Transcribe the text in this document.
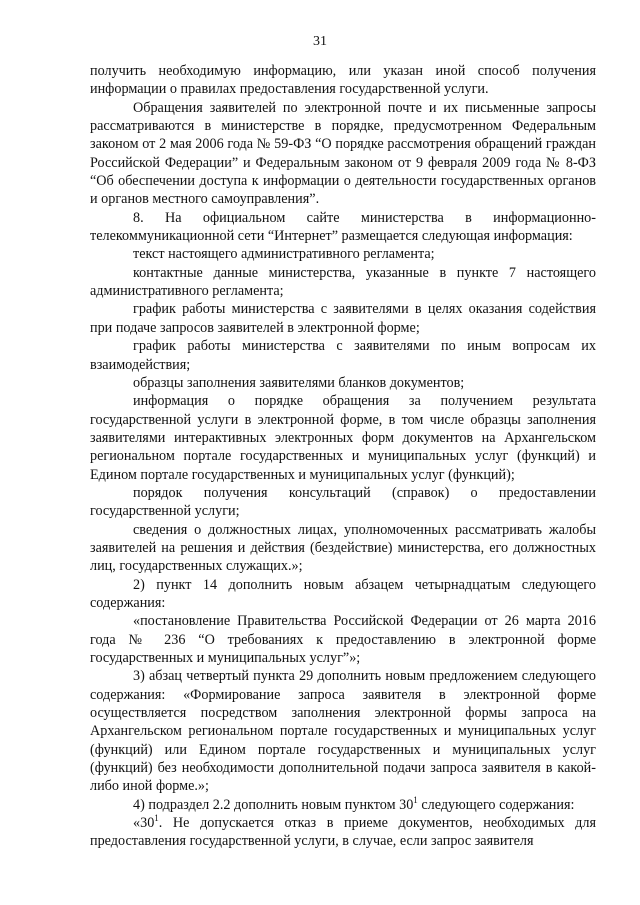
31

получить необходимую информацию, или указан иной способ получения информации о правилах предоставления государственной услуги.

Обращения заявителей по электронной почте и их письменные запросы рассматриваются в министерстве в порядке, предусмотренном Федеральным законом от 2 мая 2006 года № 59-ФЗ “О порядке рассмотрения обращений граждан Российской Федерации” и Федеральным законом от 9 февраля 2009 года № 8-ФЗ “Об обеспечении доступа к информации о деятельности государственных органов и органов местного самоуправления”.

8. На официальном сайте министерства в информационно-телекоммуникационной сети “Интернет” размещается следующая информация:

текст настоящего административного регламента;

контактные данные министерства, указанные в пункте 7 настоящего административного регламента;

график работы министерства с заявителями в целях оказания содействия при подаче запросов заявителей в электронной форме;

график работы министерства с заявителями по иным вопросам их взаимодействия;

образцы заполнения заявителями бланков документов;

информация о порядке обращения за получением результата государственной услуги в электронной форме, в том числе образцы заполнения заявителями интерактивных электронных форм документов на Архангельском региональном портале государственных и муниципальных услуг (функций) и Едином портале государственных и муниципальных услуг (функций);

порядок получения консультаций (справок) о предоставлении государственной услуги;

сведения о должностных лицах, уполномоченных рассматривать жалобы заявителей на решения и действия (бездействие) министерства, его должностных лиц, государственных служащих.»;

2) пункт 14 дополнить новым абзацем четырнадцатым следующего содержания:

«постановление Правительства Российской Федерации от 26 марта 2016 года № 236 “О требованиях к предоставлению в электронной форме государственных и муниципальных услуг”»;

3) абзац четвертый пункта 29 дополнить новым предложением следующего содержания: «Формирование запроса заявителя в электронной форме осуществляется посредством заполнения электронной формы запроса на Архангельском региональном портале государственных и муниципальных услуг (функций) или Едином портале государственных и муниципальных услуг (функций) без необходимости дополнительной подачи запроса заявителя в какой-либо иной форме.»;

4) подраздел 2.2 дополнить новым пунктом $30^1$ следующего содержания:

«$30^1$. Не допускается отказ в приеме документов, необходимых для предоставления государственной услуги, в случае, если запрос заявителя
